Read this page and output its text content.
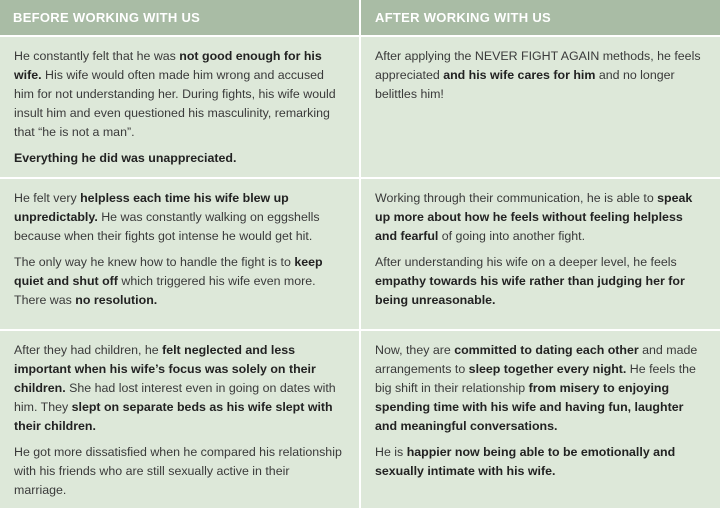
BEFORE WORKING WITH US	AFTER WORKING WITH US

He constantly felt that he was not good enough for his wife. His wife would often made him wrong and accused him for not understanding her. During fights, his wife would insult him and even questioned his masculinity, remarking that “he is not a man”.

Everything he did was unappreciated.

After applying the NEVER FIGHT AGAIN methods, he feels appreciated and his wife cares for him and no longer belittles him!

He felt very helpless each time his wife blew up unpredictably. He was constantly walking on eggshells because when their fights got intense he would get hit.

The only way he knew how to handle the fight is to keep quiet and shut off which triggered his wife even more. There was no resolution.

Working through their communication, he is able to speak up more about how he feels without feeling helpless and fearful of going into another fight.

After understanding his wife on a deeper level, he feels empathy towards his wife rather than judging her for being unreasonable.

After they had children, he felt neglected and less important when his wife’s focus was solely on their children. She had lost interest even in going on dates with him. They slept on separate beds as his wife slept with their children.

He got more dissatisfied when he compared his relationship with his friends who are still sexually active in their marriage.

Now, they are committed to dating each other and made arrangements to sleep together every night. He feels the big shift in their relationship from misery to enjoying spending time with his wife and having fun, laughter and meaningful conversations.

He is happier now being able to be emotionally and sexually intimate with his wife.
